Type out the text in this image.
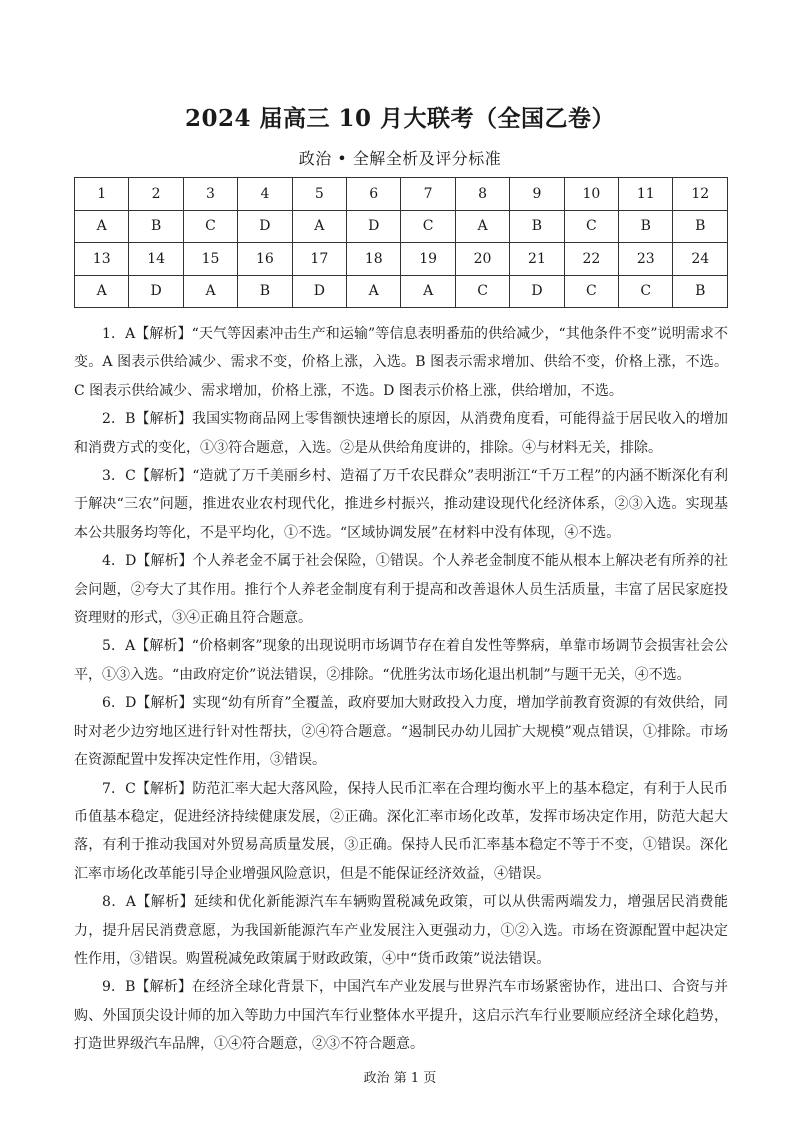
2024 届高三 10 月大联考（全国乙卷）
政治 • 全解全析及评分标准
1	2	3	4	5	6	7	8	9	10	11	12
A	B	C	D	A	D	C	A	B	C	B	B
13	14	15	16	17	18	19	20	21	22	23	24
A	D	A	B	D	A	A	C	D	C	C	B

1．A【解析】“天气等因素冲击生产和运输”等信息表明番茄的供给减少，“其他条件不变”说明需求不变。A 图表示供给减少、需求不变，价格上涨，入选。B 图表示需求增加、供给不变，价格上涨，不选。C 图表示供给减少、需求增加，价格上涨，不选。D 图表示价格上涨，供给增加，不选。

2．B【解析】我国实物商品网上零售额快速增长的原因，从消费角度看，可能得益于居民收入的增加和消费方式的变化，①③符合题意，入选。②是从供给角度讲的，排除。④与材料无关，排除。

3．C【解析】“造就了万千美丽乡村、造福了万千农民群众”表明浙江“千万工程”的内涵不断深化有利于解决“三农”问题，推进农业农村现代化，推进乡村振兴，推动建设现代化经济体系，②③入选。实现基本公共服务均等化，不是平均化，①不选。“区域协调发展”在材料中没有体现，④不选。

4．D【解析】个人养老金不属于社会保险，①错误。个人养老金制度不能从根本上解决老有所养的社会问题，②夸大了其作用。推行个人养老金制度有利于提高和改善退休人员生活质量，丰富了居民家庭投资理财的形式，③④正确且符合题意。

5．A【解析】“价格刺客”现象的出现说明市场调节存在着自发性等弊病，单靠市场调节会损害社会公平，①③入选。“由政府定价”说法错误，②排除。“优胜劣汰市场化退出机制”与题干无关，④不选。

6．D【解析】实现“幼有所育”全覆盖，政府要加大财政投入力度，增加学前教育资源的有效供给，同时对老少边穷地区进行针对性帮扶，②④符合题意。“遏制民办幼儿园扩大规模”观点错误，①排除。市场在资源配置中发挥决定性作用，③错误。

7．C【解析】防范汇率大起大落风险，保持人民币汇率在合理均衡水平上的基本稳定，有利于人民币币值基本稳定，促进经济持续健康发展，②正确。深化汇率市场化改革，发挥市场决定作用，防范大起大落，有利于推动我国对外贸易高质量发展，③正确。保持人民币汇率基本稳定不等于不变，①错误。深化汇率市场化改革能引导企业增强风险意识，但是不能保证经济效益，④错误。

8．A【解析】延续和优化新能源汽车车辆购置税减免政策，可以从供需两端发力，增强居民消费能力，提升居民消费意愿，为我国新能源汽车产业发展注入更强动力，①②入选。市场在资源配置中起决定性作用，③错误。购置税减免政策属于财政政策，④中“货币政策”说法错误。

9．B【解析】在经济全球化背景下，中国汽车产业发展与世界汽车市场紧密协作，进出口、合资与并购、外国顶尖设计师的加入等助力中国汽车行业整体水平提升，这启示汽车行业要顺应经济全球化趋势，打造世界级汽车品牌，①④符合题意，②③不符合题意。

政治 第 1 页
